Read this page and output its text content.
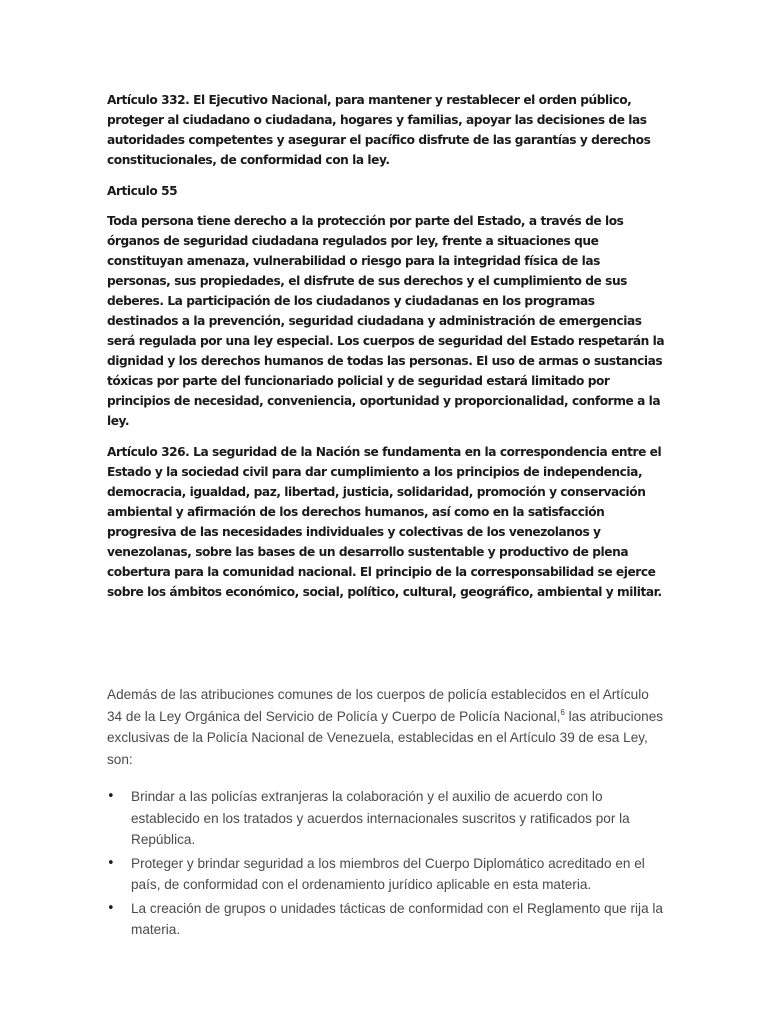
Artículo 332. El Ejecutivo Nacional, para mantener y restablecer el orden público, proteger al ciudadano o ciudadana, hogares y familias, apoyar las decisiones de las autoridades competentes y asegurar el pacífico disfrute de las garantías y derechos constitucionales, de conformidad con la ley.

Articulo 55

Toda persona tiene derecho a la protección por parte del Estado, a través de los órganos de seguridad ciudadana regulados por ley, frente a situaciones que constituyan amenaza, vulnerabilidad o riesgo para la integridad física de las personas, sus propiedades, el disfrute de sus derechos y el cumplimiento de sus deberes. La participación de los ciudadanos y ciudadanas en los programas destinados a la prevención, seguridad ciudadana y administración de emergencias será regulada por una ley especial. Los cuerpos de seguridad del Estado respetarán la dignidad y los derechos humanos de todas las personas. El uso de armas o sustancias tóxicas por parte del funcionariado policial y de seguridad estará limitado por principios de necesidad, conveniencia, oportunidad y proporcionalidad, conforme a la ley.

Artículo 326. La seguridad de la Nación se fundamenta en la correspondencia entre el Estado y la sociedad civil para dar cumplimiento a los principios de independencia, democracia, igualdad, paz, libertad, justicia, solidaridad, promoción y conservación ambiental y afirmación de los derechos humanos, así como en la satisfacción progresiva de las necesidades individuales y colectivas de los venezolanos y venezolanas, sobre las bases de un desarrollo sustentable y productivo de plena cobertura para la comunidad nacional. El principio de la corresponsabilidad se ejerce sobre los ámbitos económico, social, político, cultural, geográfico, ambiental y militar.

Además de las atribuciones comunes de los cuerpos de policía establecidos en el Artículo 34 de la Ley Orgánica del Servicio de Policía y Cuerpo de Policía Nacional,$^6$ las atribuciones exclusivas de la Policía Nacional de Venezuela, establecidas en el Artículo 39 de esa Ley, son:

• Brindar a las policías extranjeras la colaboración y el auxilio de acuerdo con lo establecido en los tratados y acuerdos internacionales suscritos y ratificados por la República.
• Proteger y brindar seguridad a los miembros del Cuerpo Diplomático acreditado en el país, de conformidad con el ordenamiento jurídico aplicable en esta materia.
• La creación de grupos o unidades tácticas de conformidad con el Reglamento que rija la materia.
